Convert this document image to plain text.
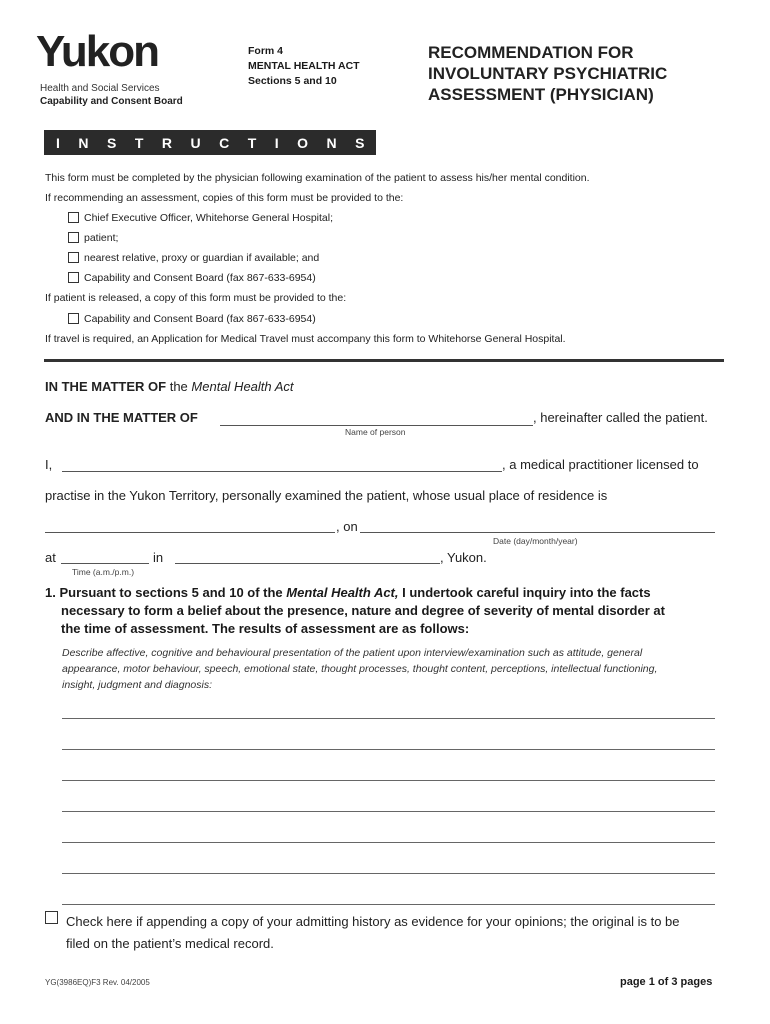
Yukon
Health and Social Services
Capability and Consent Board
Form 4
MENTAL HEALTH ACT
Sections 5 and 10
RECOMMENDATION FOR
INVOLUNTARY PSYCHIATRIC
ASSESSMENT (PHYSICIAN)
INSTRUCTIONS
This form must be completed by the physician following examination of the patient to assess his/her mental condition.
If recommending an assessment, copies of this form must be provided to the:
Chief Executive Officer, Whitehorse General Hospital;
patient;
nearest relative, proxy or guardian if available; and
Capability and Consent Board (fax 867-633-6954)
If patient is released, a copy of this form must be provided to the:
Capability and Consent Board (fax 867-633-6954)
If travel is required, an Application for Medical Travel must accompany this form to Whitehorse General Hospital.
IN THE MATTER OF the Mental Health Act
AND IN THE MATTER OF	, hereinafter called the patient.
Name of person
I,	, a medical practitioner licensed to
practise in the Yukon Territory, personally examined the patient, whose usual place of residence is
, on
Date (day/month/year)
at	in	, Yukon.
Time (a.m./p.m.)
1. Pursuant to sections 5 and 10 of the Mental Health Act, I undertook careful inquiry into the facts
necessary to form a belief about the presence, nature and degree of severity of mental disorder at
the time of assessment. The results of assessment are as follows:
Describe affective, cognitive and behavioural presentation of the patient upon interview/examination such as attitude, general
appearance, motor behaviour, speech, emotional state, thought processes, thought content, perceptions, intellectual functioning,
insight, judgment and diagnosis:
Check here if appending a copy of your admitting history as evidence for your opinions; the original is to be
filed on the patient’s medical record.
YG(3986EQ)F3 Rev. 04/2005	page 1 of 3 pages
